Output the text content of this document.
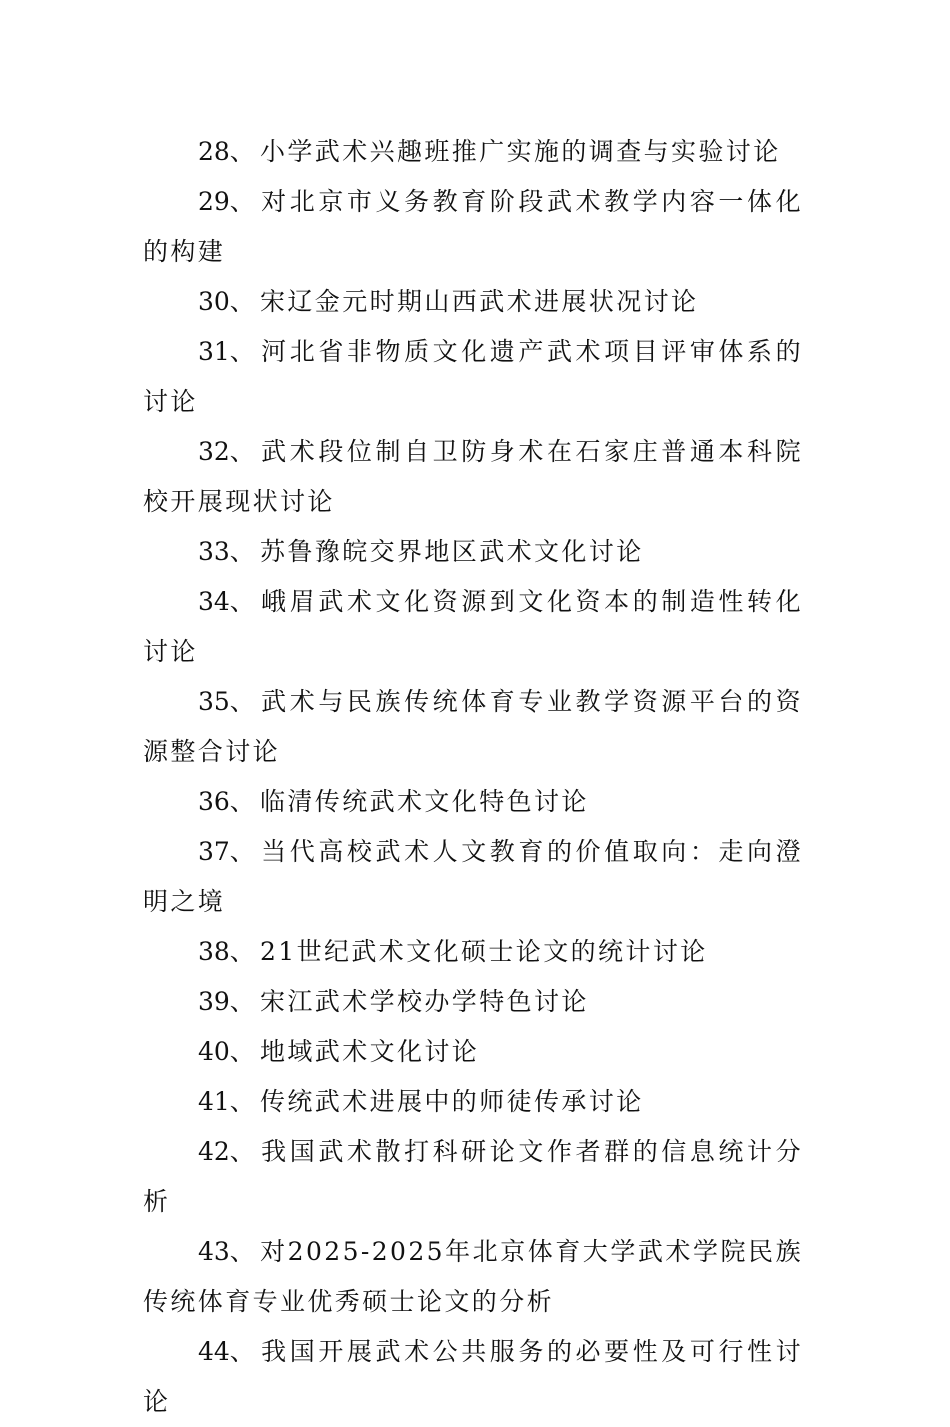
28、 小学武术兴趣班推广实施的调查与实验讨论

29、 对北京市义务教育阶段武术教学内容一体化的构建

30、 宋辽金元时期山西武术进展状况讨论

31、 河北省非物质文化遗产武术项目评审体系的讨论

32、 武术段位制自卫防身术在石家庄普通本科院校开展现状讨论

33、 苏鲁豫皖交界地区武术文化讨论

34、 峨眉武术文化资源到文化资本的制造性转化讨论

35、 武术与民族传统体育专业教学资源平台的资源整合讨论

36、 临清传统武术文化特色讨论

37、 当代高校武术人文教育的价值取向：走向澄明之境

38、 21世纪武术文化硕士论文的统计讨论

39、 宋江武术学校办学特色讨论

40、 地域武术文化讨论

41、 传统武术进展中的师徒传承讨论

42、 我国武术散打科研论文作者群的信息统计分析

43、 对2025-2025年北京体育大学武术学院民族传统体育专业优秀硕士论文的分析

44、 我国开展武术公共服务的必要性及可行性讨论
